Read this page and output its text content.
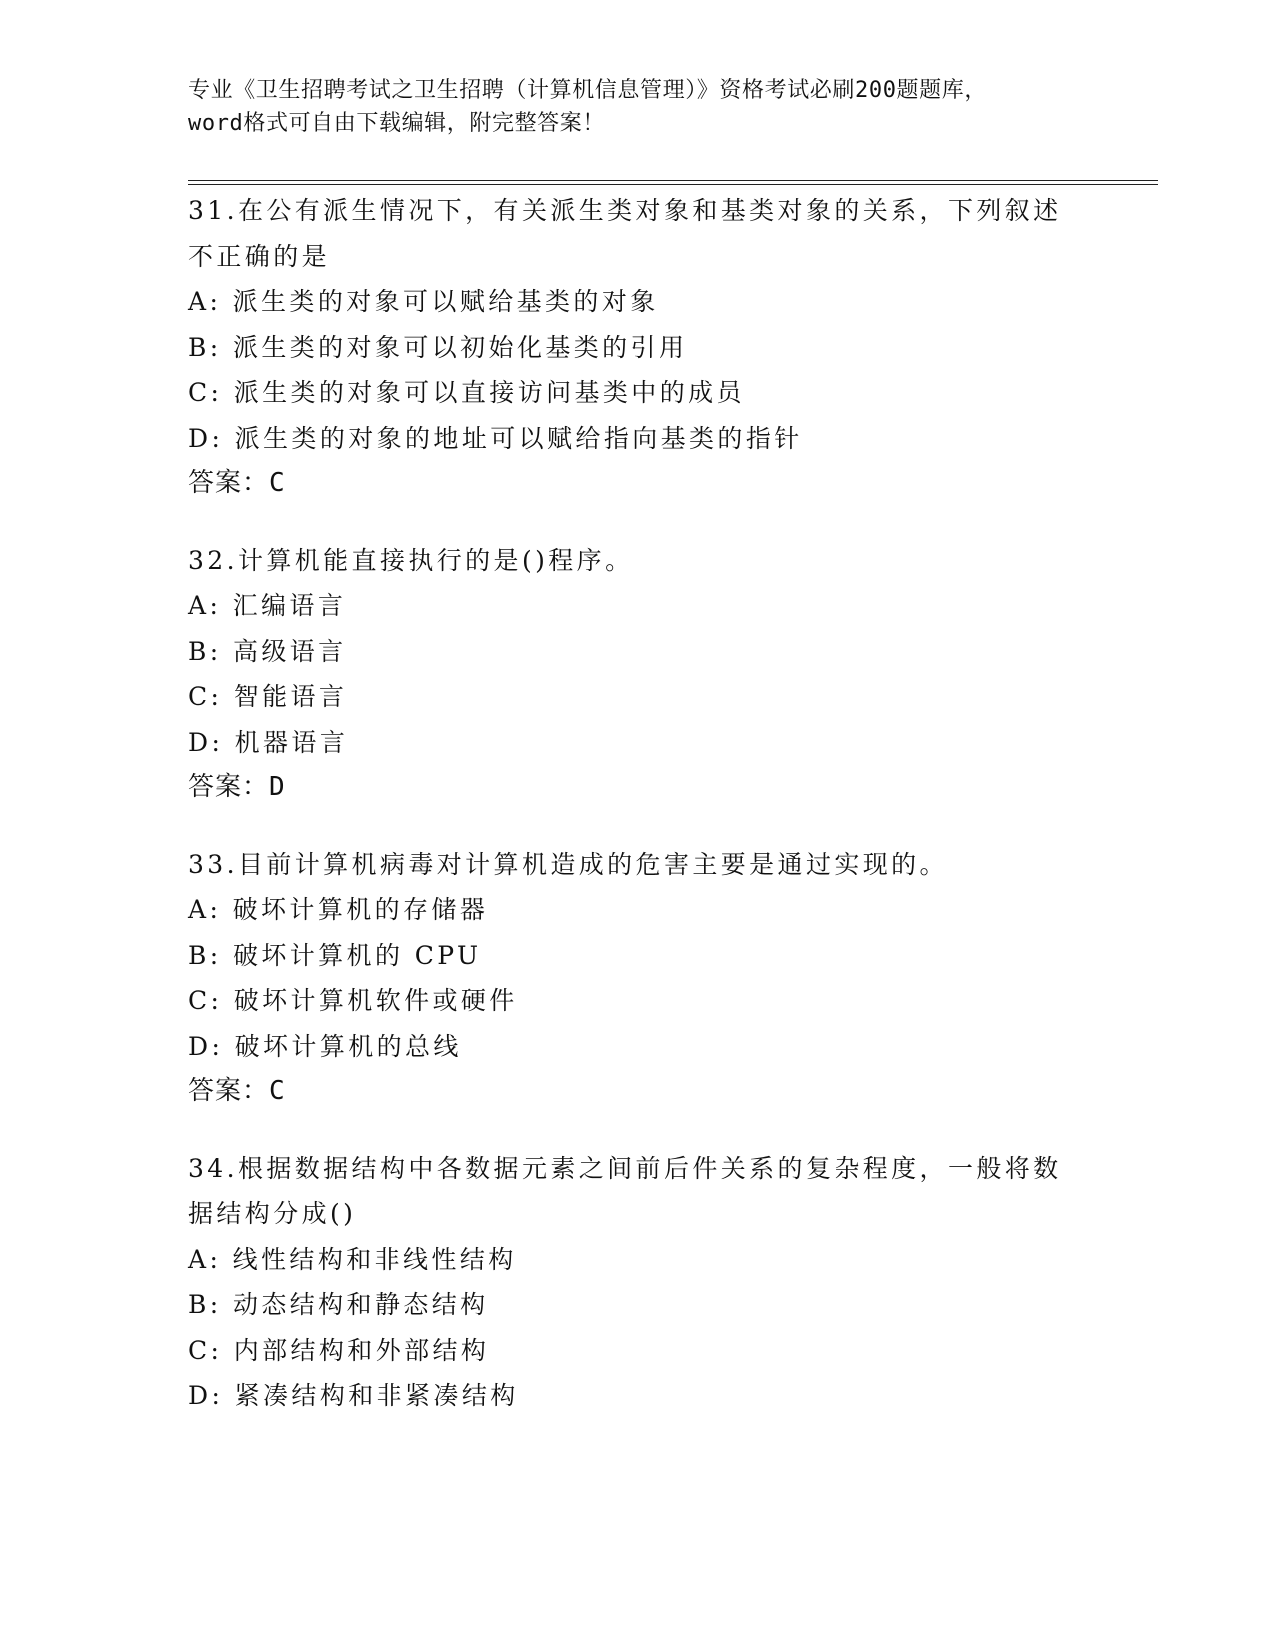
专业《卫生招聘考试之卫生招聘（计算机信息管理）》资格考试必刷200题题库，
word格式可自由下载编辑，附完整答案！
31.在公有派生情况下，有关派生类对象和基类对象的关系，下列叙述
不正确的是
A: 派生类的对象可以赋给基类的对象
B: 派生类的对象可以初始化基类的引用
C: 派生类的对象可以直接访问基类中的成员
D: 派生类的对象的地址可以赋给指向基类的指针
答案：C
32.计算机能直接执行的是()程序。
A: 汇编语言
B: 高级语言
C: 智能语言
D: 机器语言
答案：D
33.目前计算机病毒对计算机造成的危害主要是通过实现的。
A: 破坏计算机的存储器
B: 破坏计算机的 CPU
C: 破坏计算机软件或硬件
D: 破坏计算机的总线
答案：C
34.根据数据结构中各数据元素之间前后件关系的复杂程度，一般将数
据结构分成()
A: 线性结构和非线性结构
B: 动态结构和静态结构
C: 内部结构和外部结构
D: 紧凑结构和非紧凑结构
